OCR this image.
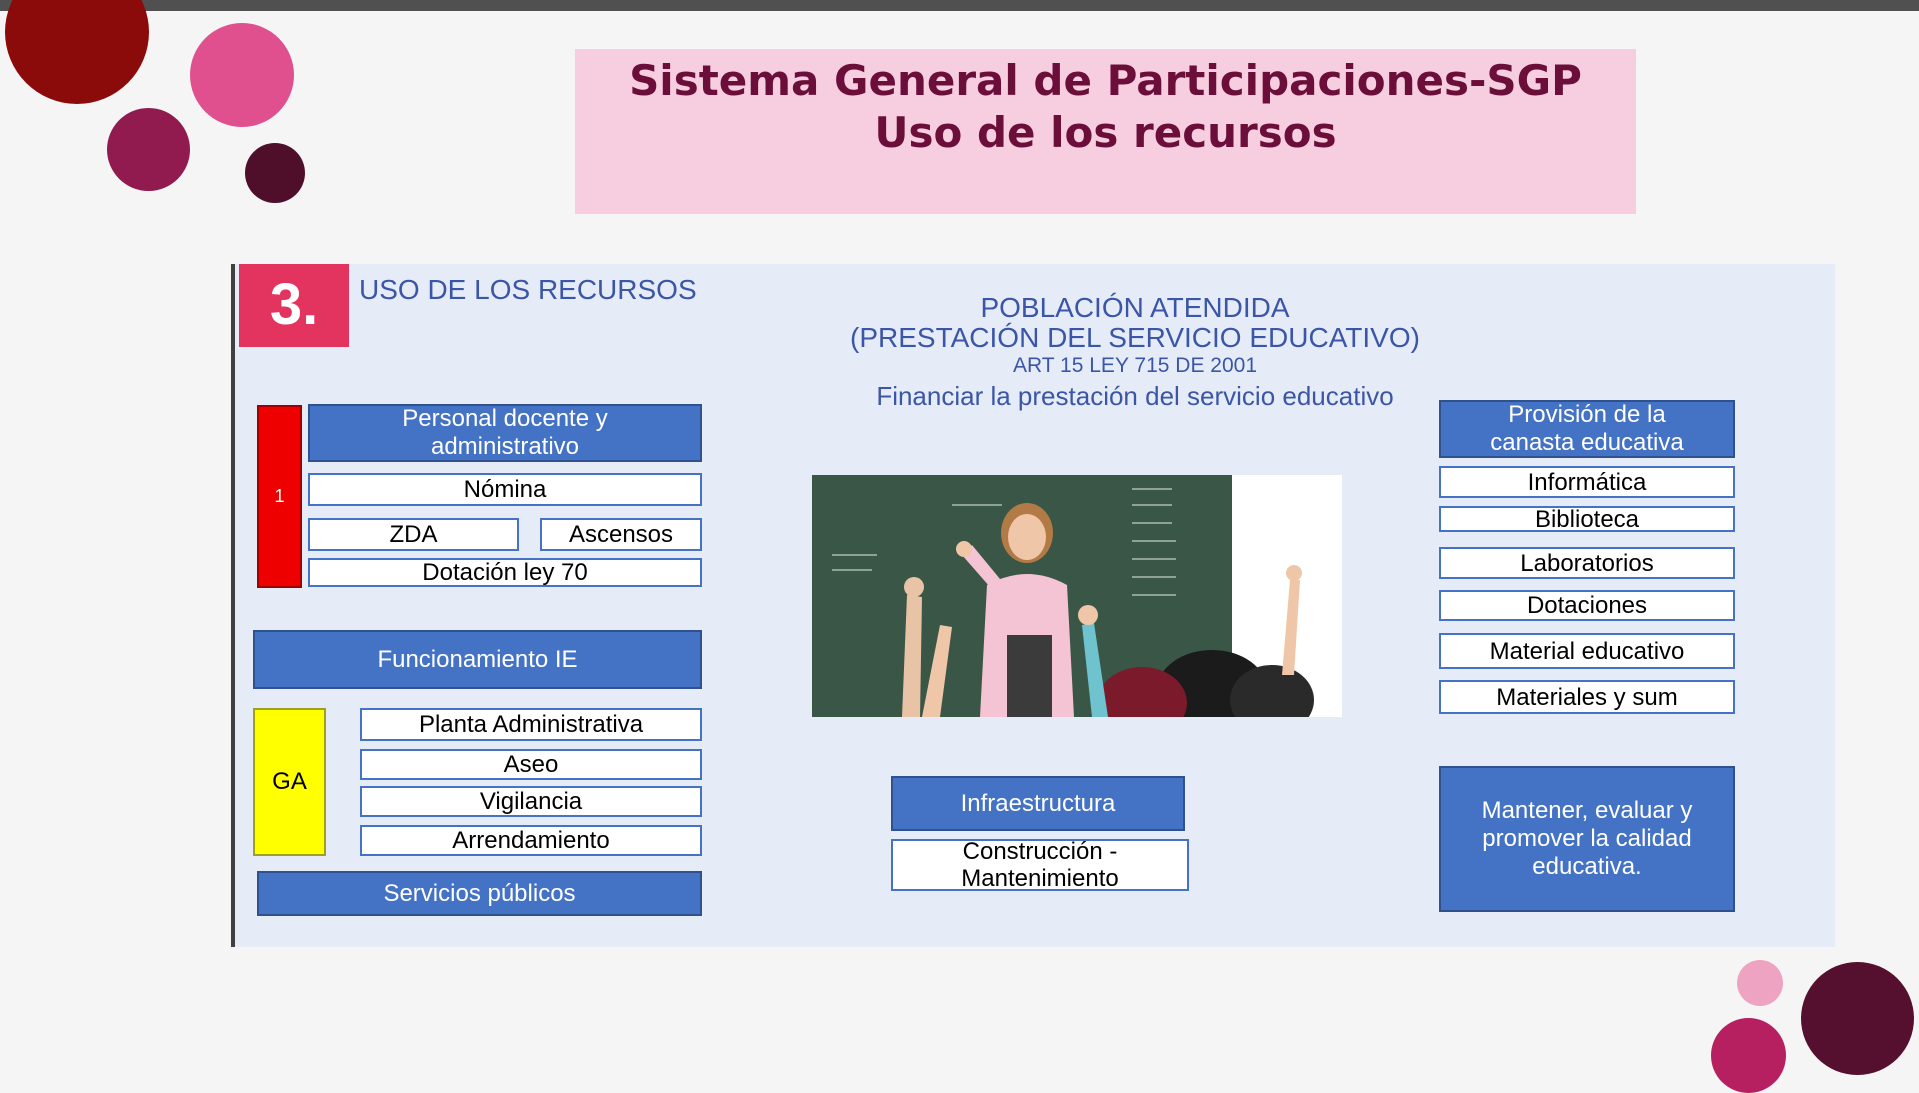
Sistema General de Participaciones-SGP
Uso de los recursos
3.	USO DE LOS RECURSOS
POBLACIÓN ATENDIDA
(PRESTACIÓN DEL SERVICIO EDUCATIVO)
ART 15 LEY 715 DE 2001
Financiar la prestación del servicio educativo
1
Personal docente y administrativo
Nómina
ZDA	Ascensos
Dotación ley 70
Funcionamiento IE
GA
Planta Administrativa
Aseo
Vigilancia
Arrendamiento
Servicios públicos
Infraestructura
Construcción - Mantenimiento
Provisión de la canasta educativa
Informática
Biblioteca
Laboratorios
Dotaciones
Material educativo
Materiales y sum
Mantener, evaluar y promover la calidad educativa.
